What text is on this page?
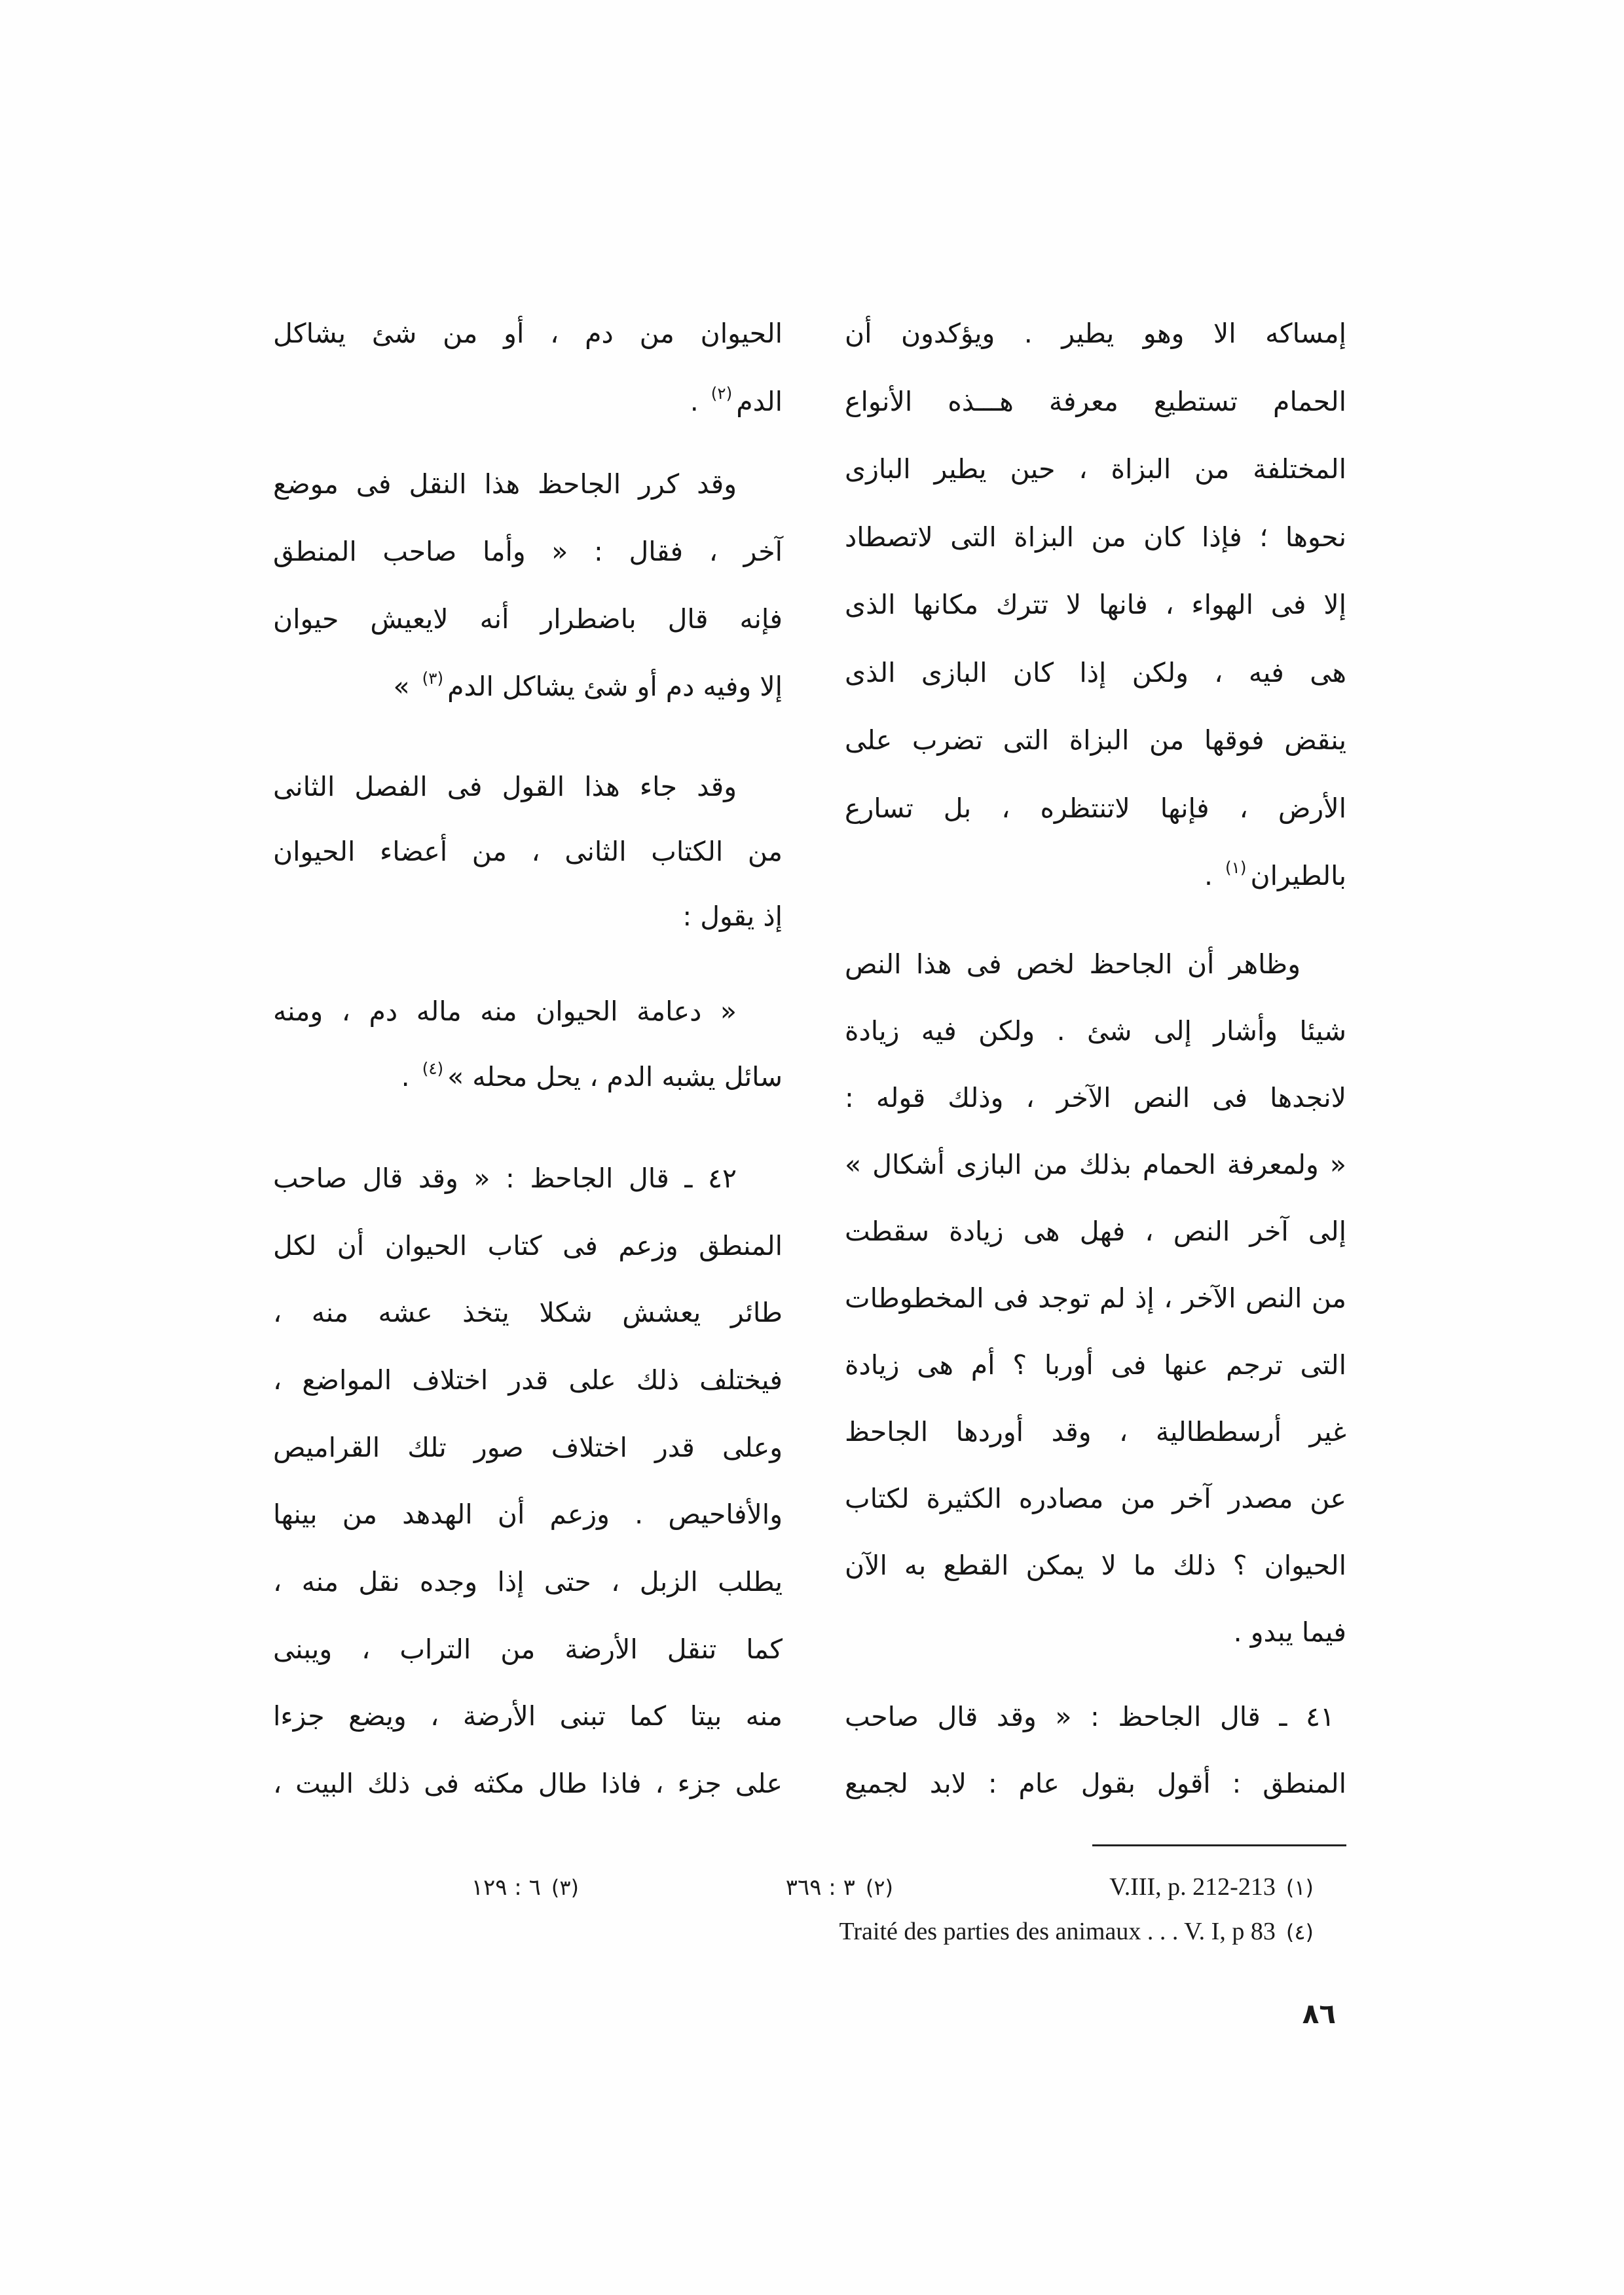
إمساكه الا وهو يطير . ويؤكدون أن
الحمام تستطيع معرفة هـــذه الأنواع
المختلفة من البزاة ، حين يطير البازى
نحوها ؛ فإذا كان من البزاة التى لاتصطاد
إلا فى الهواء ، فانها لا تترك مكانها الذى
هى فيه ، ولكن إذا كان البازى الذى
ينقض فوقها من البزاة التى تضرب على
الأرض ، فإنها لاتنتظره ، بل تسارع
بالطيران$^{(١)}$ .
وظاهر أن الجاحظ لخص فى هذا النص
شيئا وأشار إلى شئ . ولكن فيه زيادة
لانجدها فى النص الآخر ، وذلك قوله :
« ولمعرفة الحمام بذلك من البازى أشكال »
إلى آخر النص ، فهل هى زيادة سقطت
من النص الآخر ، إذ لم توجد فى المخطوطات
التى ترجم عنها فى أوربا ؟ أم هى زيادة
غير أرسططالية ، وقد أوردها الجاحظ
عن مصدر آخر من مصادره الكثيرة لكتاب
الحيوان ؟ ذلك ما لا يمكن القطع به الآن
فيما يبدو .
٤١ ـ قال الجاحظ : « وقد قال صاحب
المنطق : أقول بقول عام : لابد لجميع
الحيوان من دم ، أو من شئ يشاكل
الدم$^{(٢)}$ .
وقد كرر الجاحظ هذا النقل فى موضع
آخر ، فقال : « وأما صاحب المنطق
فإنه قال باضطرار أنه لايعيش حيوان
إلا وفيه دم أو شئ يشاكل الدم$^{(٣)}$ »
وقد جاء هذا القول فى الفصل الثانى
من الكتاب الثانى ، من أعضاء الحيوان
إذ يقول :
« دعامة الحيوان منه ماله دم ، ومنه
سائل يشبه الدم ، يحل محله »$^{(٤)}$ .
٤٢ ـ قال الجاحظ : « وقد قال صاحب
المنطق وزعم فى كتاب الحيوان أن لكل
طائر يعشش شكلا يتخذ عشه منه ،
فيختلف ذلك على قدر اختلاف المواضع ،
وعلى قدر اختلاف صور تلك القراميص
والأفاحيص . وزعم أن الهدهد من بينها
يطلب الزبل ، حتى إذا وجده نقل منه ،
كما تنقل الأرضة من التراب ، ويبنى
منه بيتا كما تبنى الأرضة ، ويضع جزءا
على جزء ، فاذا طال مكثه فى ذلك البيت ،
(١)V.III, p. 212-213
(٢)٣ : ٣٦٩
(٣)٦ : ١٢٩
(٤)Traité des parties des animaux . . . V. I, p 83
٨٦
